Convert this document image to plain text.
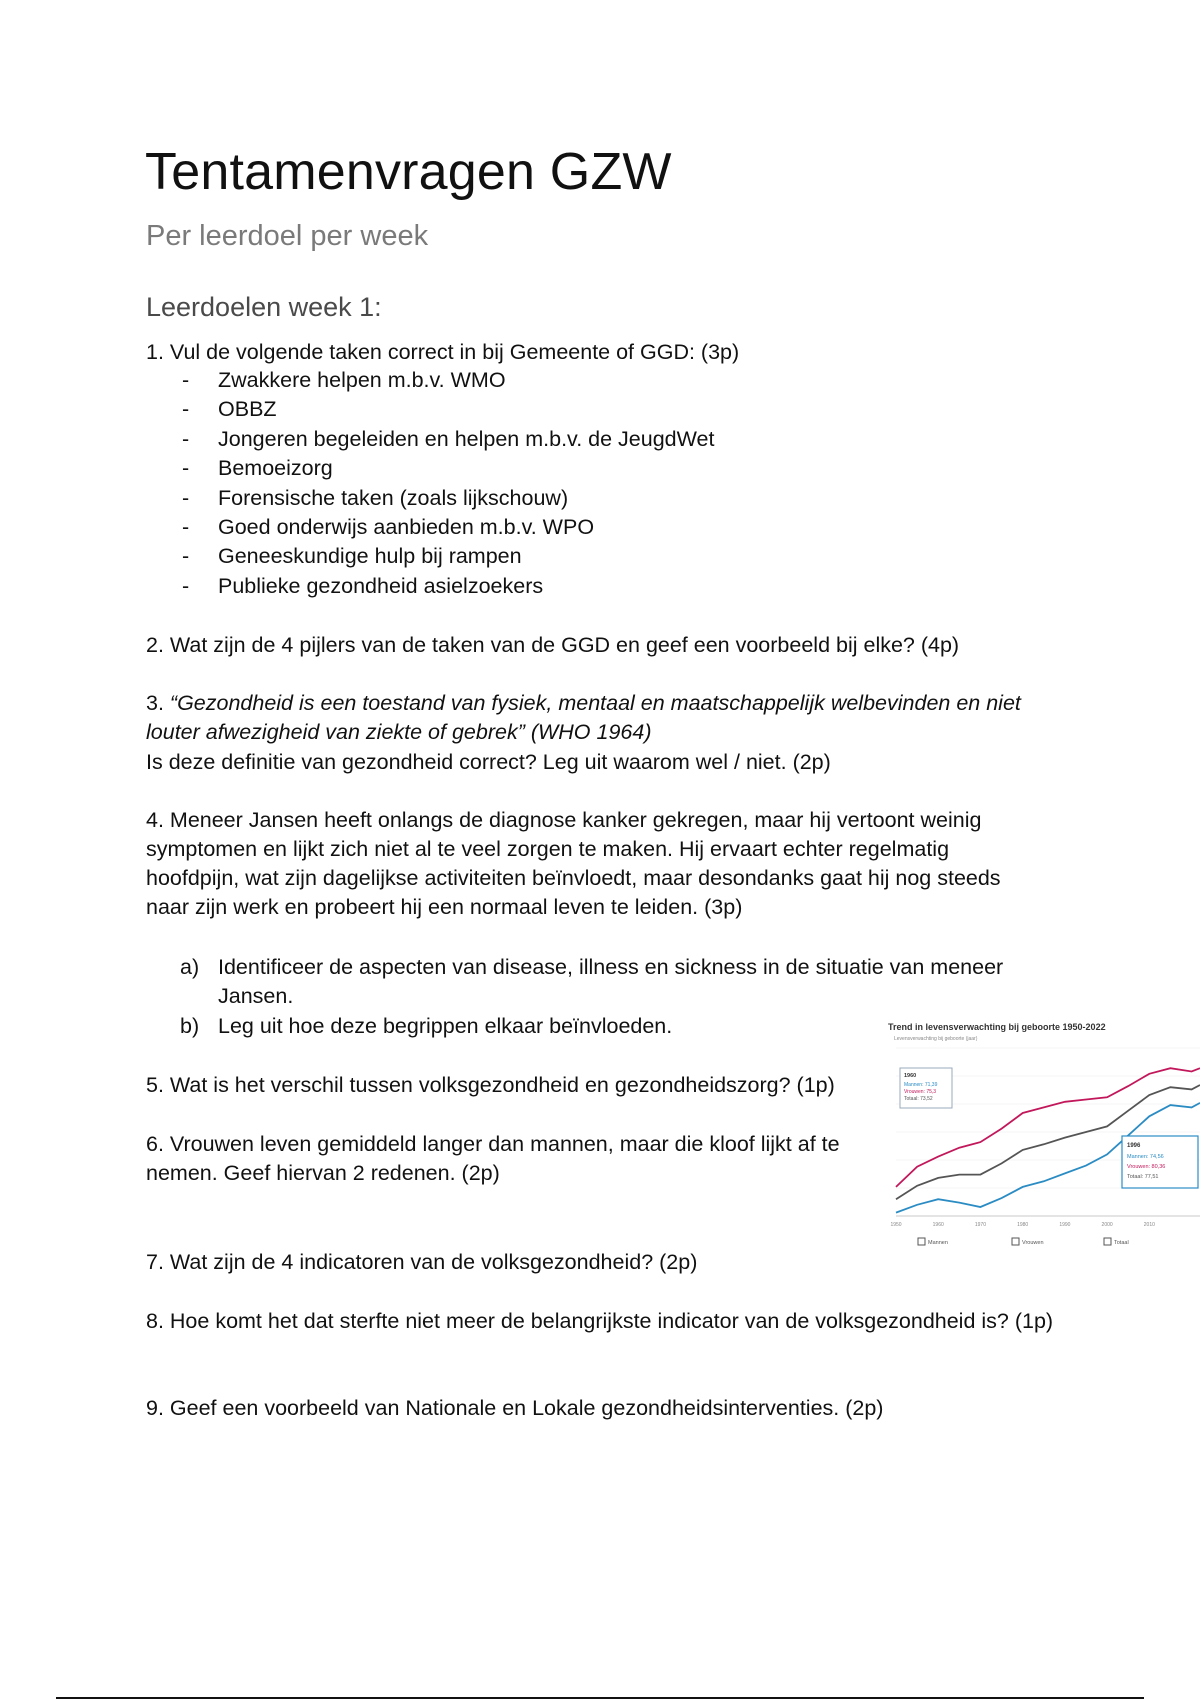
Tentamenvragen GZW
Per leerdoel per week
Leerdoelen week 1:

1. Vul de volgende taken correct in bij Gemeente of GGD: (3p)

- Zwakkere helpen m.b.v. WMO
- OBBZ
- Jongeren begeleiden en helpen m.b.v. de JeugdWet
- Bemoeizorg
- Forensische taken (zoals lijkschouw)
- Goed onderwijs aanbieden m.b.v. WPO
- Geneeskundige hulp bij rampen
- Publieke gezondheid asielzoekers

2. Wat zijn de 4 pijlers van de taken van de GGD en geef een voorbeeld bij elke? (4p)

3. “Gezondheid is een toestand van fysiek, mentaal en maatschappelijk welbevinden en niet louter afwezigheid van ziekte of gebrek” (WHO 1964)

Is deze definitie van gezondheid correct? Leg uit waarom wel / niet. (2p)

4. Meneer Jansen heeft onlangs de diagnose kanker gekregen, maar hij vertoont weinig symptomen en lijkt zich niet al te veel zorgen te maken. Hij ervaart echter regelmatig hoofdpijn, wat zijn dagelijkse activiteiten beïnvloedt, maar desondanks gaat hij nog steeds naar zijn werk en probeert hij een normaal leven te leiden. (3p)

a) Identificeer de aspecten van disease, illness en sickness in de situatie van meneer Jansen.
b) Leg uit hoe deze begrippen elkaar beïnvloeden.

5. Wat is het verschil tussen volksgezondheid en gezondheidszorg? (1p)

6. Vrouwen leven gemiddeld langer dan mannen, maar die kloof lijkt af te nemen. Geef hiervan 2 redenen. (2p)

Trend in levensverwachting bij geboorte 1950-2022
Levensverwachting bij geboorte (jaar)
1950	1960	1970	1980	1990	2000	2010
1960
Mannen: 71,39
Vrouwen: 75,3
Totaal: 73,52
1996
Mannen: 74,56
Vrouwen: 80,36
Totaal: 77,51
Mannen	Vrouwen	Totaal

7. Wat zijn de 4 indicatoren van de volksgezondheid? (2p)

8. Hoe komt het dat sterfte niet meer de belangrijkste indicator van de volksgezondheid is? (1p)

9. Geef een voorbeeld van Nationale en Lokale gezondheidsinterventies. (2p)
